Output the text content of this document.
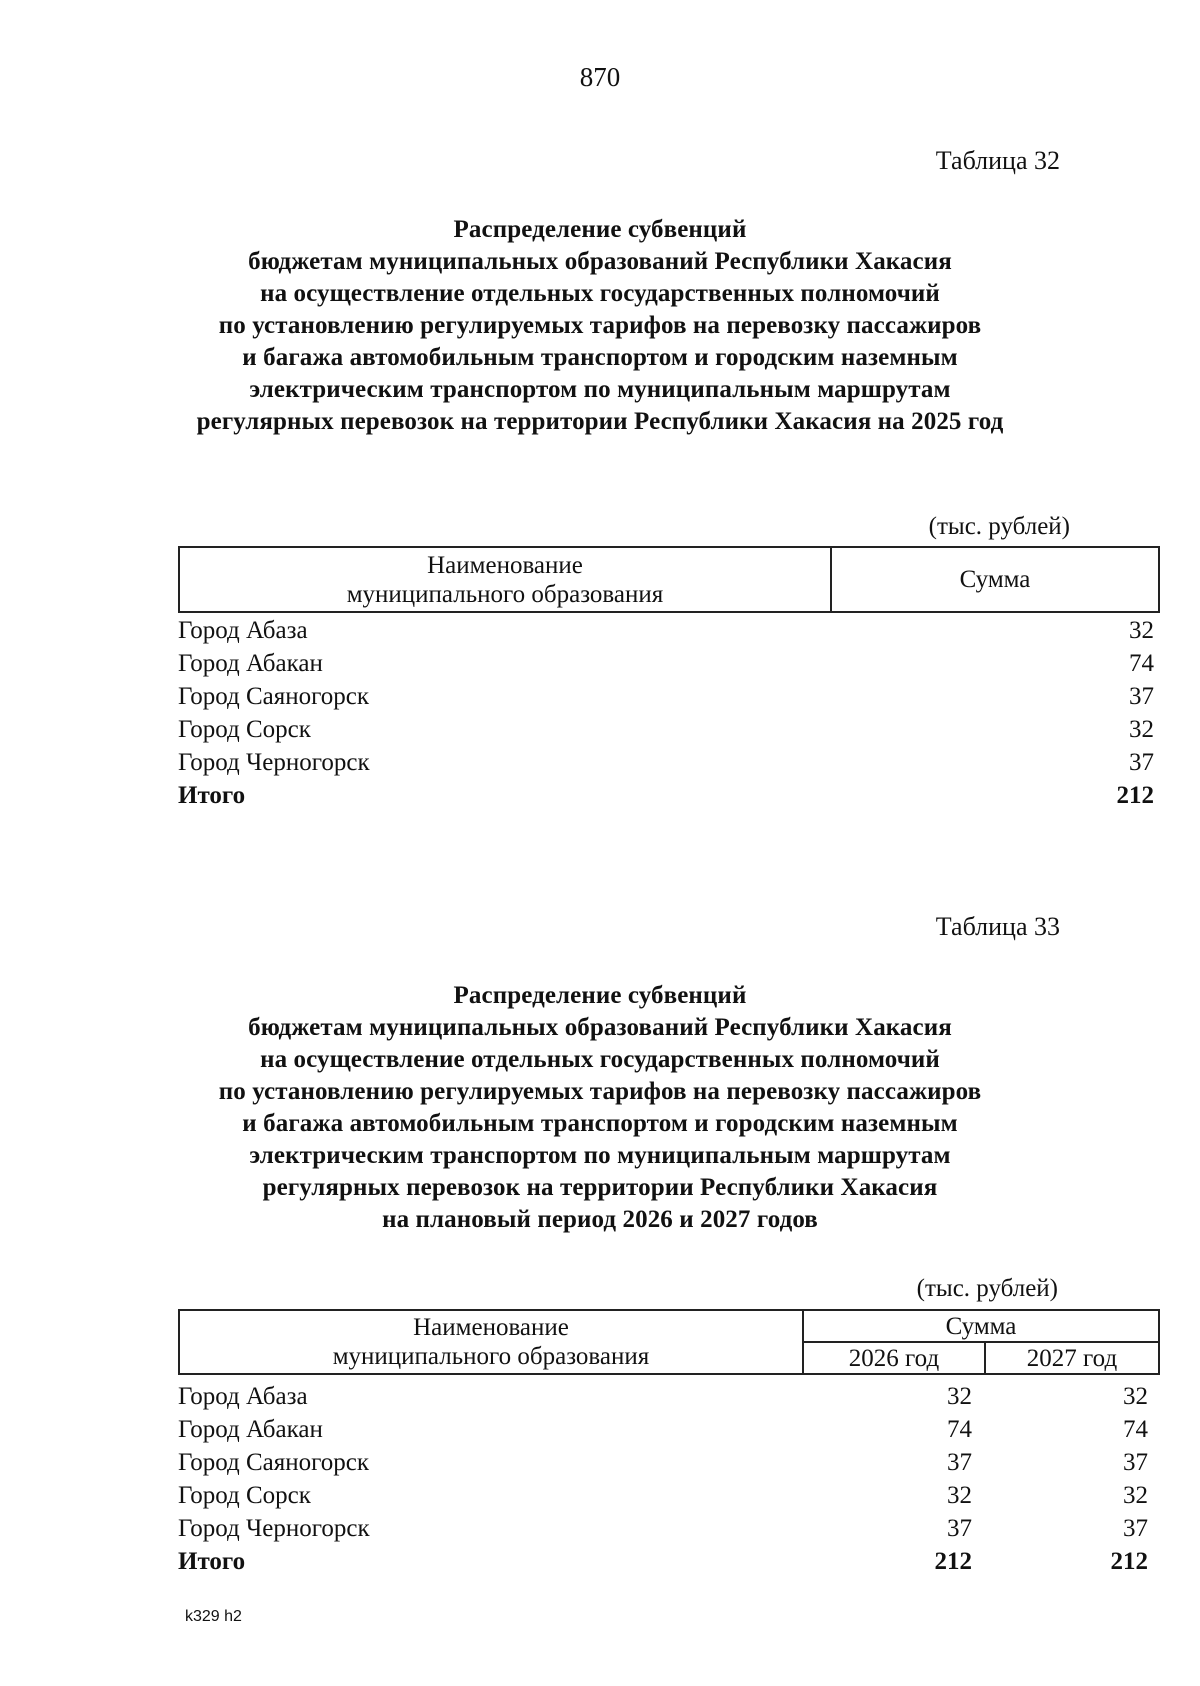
870
Таблица 32
Распределение субвенций
бюджетам муниципальных образований Республики Хакасия
на осуществление отдельных государственных полномочий
по установлению регулируемых тарифов на перевозку пассажиров
и багажа автомобильным транспортом и городским наземным
электрическим транспортом по муниципальным маршрутам
регулярных перевозок на территории Республики Хакасия на 2025 год
(тыс. рублей)
Наименование
муниципального образования
	Сумма
Город Абаза	32
Город Абакан	74
Город Саяногорск	37
Город Сорск	32
Город Черногорск	37
Итого	212
Таблица 33
Распределение субвенций
бюджетам муниципальных образований Республики Хакасия
на осуществление отдельных государственных полномочий
по установлению регулируемых тарифов на перевозку пассажиров
и багажа автомобильным транспортом и городским наземным
электрическим транспортом по муниципальным маршрутам
регулярных перевозок на территории Республики Хакасия
на плановый период 2026 и 2027 годов
(тыс. рублей)
Наименование
муниципального образования	Сумма	
	2026 год	2027 год
Город Абаза	32	32
Город Абакан	74	74
Город Саяногорск	37	37
Город Сорск	32	32
Город Черногорск	37	37
Итого	212	212
k329 h2
